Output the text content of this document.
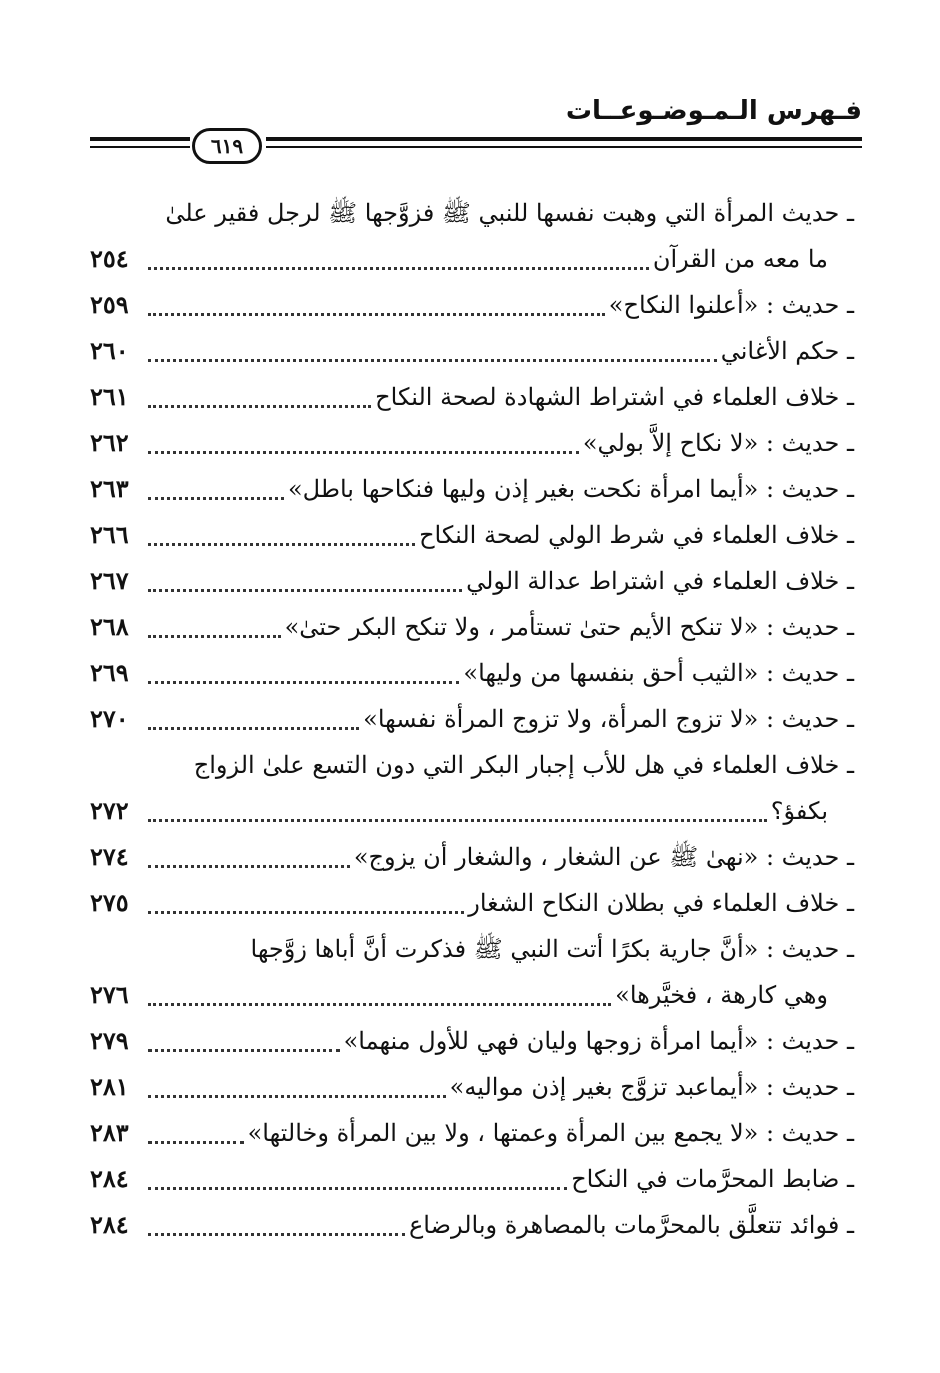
فـهرس الـمـوضـوعــات
٦١٩
ـ حديث المرأة التي وهبت نفسها للنبي ﷺ فزوَّجها ﷺ لرجل فقير علىٰ
ما معه من القرآن
٢٥٤
ـ حديث : «أعلنوا النكاح»
٢٥٩
ـ حكم الأغاني
٢٦٠
ـ خلاف العلماء في اشتراط الشهادة لصحة النكاح
٢٦١
ـ حديث : «لا نكاح إلاَّ بولي»
٢٦٢
ـ حديث : «أيما امرأة نكحت بغير إذن وليها فنكاحها باطل»
٢٦٣
ـ خلاف العلماء في شرط الولي لصحة النكاح
٢٦٦
ـ خلاف العلماء في اشتراط عدالة الولي
٢٦٧
ـ حديث : «لا تنكح الأيم حتىٰ تستأمر ، ولا تنكح البكر حتىٰ»
٢٦٨
ـ حديث : «الثيب أحق بنفسها من وليها»
٢٦٩
ـ حديث : «لا تزوج المرأة، ولا تزوج المرأة نفسها»
٢٧٠
ـ خلاف العلماء في هل للأب إجبار البكر التي دون التسع علىٰ الزواج
بكفؤ؟
٢٧٢
ـ حديث : «نهىٰ ﷺ عن الشغار ، والشغار أن يزوج»
٢٧٤
ـ خلاف العلماء في بطلان النكاح الشغار
٢٧٥
ـ حديث : «أنَّ جارية بكرًا أتت النبي ﷺ فذكرت أنَّ أباها زوَّجها
وهي كارهة ، فخيَّرها»
٢٧٦
ـ حديث : «أيما امرأة زوجها وليان فهي للأول منهما»
٢٧٩
ـ حديث : «أيماعبد تزوَّج بغير إذن مواليه»
٢٨١
ـ حديث : «لا يجمع بين المرأة وعمتها ، ولا بين المرأة وخالتها»
٢٨٣
ـ ضابط المحرَّمات في النكاح
٢٨٤
ـ فوائد تتعلَّق بالمحرَّمات بالمصاهرة وبالرضاع
٢٨٤
